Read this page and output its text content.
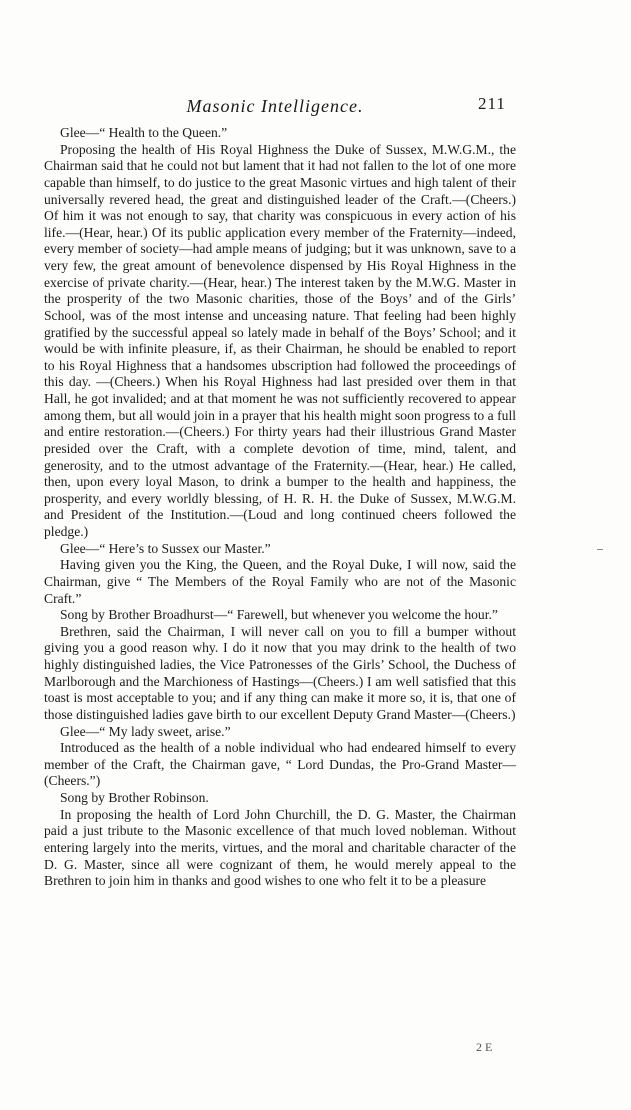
Masonic Intelligence.	211

Glee—“ Health to the Queen.”

Proposing the health of His Royal Highness the Duke of Sussex, M.W.G.M., the Chairman said that he could not but lament that it had not fallen to the lot of one more capable than himself, to do justice to the great Masonic virtues and high talent of their universally revered head, the great and distinguished leader of the Craft.—(Cheers.) Of him it was not enough to say, that charity was conspicuous in every action of his life.—(Hear, hear.) Of its public application every member of the Fraternity—indeed, every member of society—had ample means of judging; but it was unknown, save to a very few, the great amount of benevolence dispensed by His Royal Highness in the exercise of private charity.—(Hear, hear.) The interest taken by the M.W.G. Master in the prosperity of the two Masonic charities, those of the Boys’ and of the Girls’ School, was of the most intense and unceasing nature. That feeling had been highly gratified by the successful appeal so lately made in behalf of the Boys’ School; and it would be with infinite pleasure, if, as their Chairman, he should be enabled to report to his Royal Highness that a handsomes ubscription had followed the proceedings of this day. —(Cheers.) When his Royal Highness had last presided over them in that Hall, he got invalided; and at that moment he was not sufficiently recovered to appear among them, but all would join in a prayer that his health might soon progress to a full and entire restoration.—(Cheers.) For thirty years had their illustrious Grand Master presided over the Craft, with a complete devotion of time, mind, talent, and generosity, and to the utmost advantage of the Fraternity.—(Hear, hear.) He called, then, upon every loyal Mason, to drink a bumper to the health and happiness, the prosperity, and every worldly blessing, of H. R. H. the Duke of Sussex, M.W.G.M. and President of the Institution.—(Loud and long continued cheers followed the pledge.)

Glee—“ Here’s to Sussex our Master.”

Having given you the King, the Queen, and the Royal Duke, I will now, said the Chairman, give “ The Members of the Royal Family who are not of the Masonic Craft.”

Song by Brother Broadhurst—“ Farewell, but whenever you welcome the hour.”

Brethren, said the Chairman, I will never call on you to fill a bumper without giving you a good reason why. I do it now that you may drink to the health of two highly distinguished ladies, the Vice Patronesses of the Girls’ School, the Duchess of Marlborough and the Marchioness of Hastings—(Cheers.) I am well satisfied that this toast is most acceptable to you; and if any thing can make it more so, it is, that one of those distinguished ladies gave birth to our excellent Deputy Grand Master—(Cheers.)

Glee—“ My lady sweet, arise.”

Introduced as the health of a noble individual who had endeared himself to every member of the Craft, the Chairman gave, “ Lord Dundas, the Pro-Grand Master—(Cheers.”)

Song by Brother Robinson.

In proposing the health of Lord John Churchill, the D. G. Master, the Chairman paid a just tribute to the Masonic excellence of that much loved nobleman. Without entering largely into the merits, virtues, and the moral and charitable character of the D. G. Master, since all were cognizant of them, he would merely appeal to the Brethren to join him in thanks and good wishes to one who felt it to be a pleasure

2 E
